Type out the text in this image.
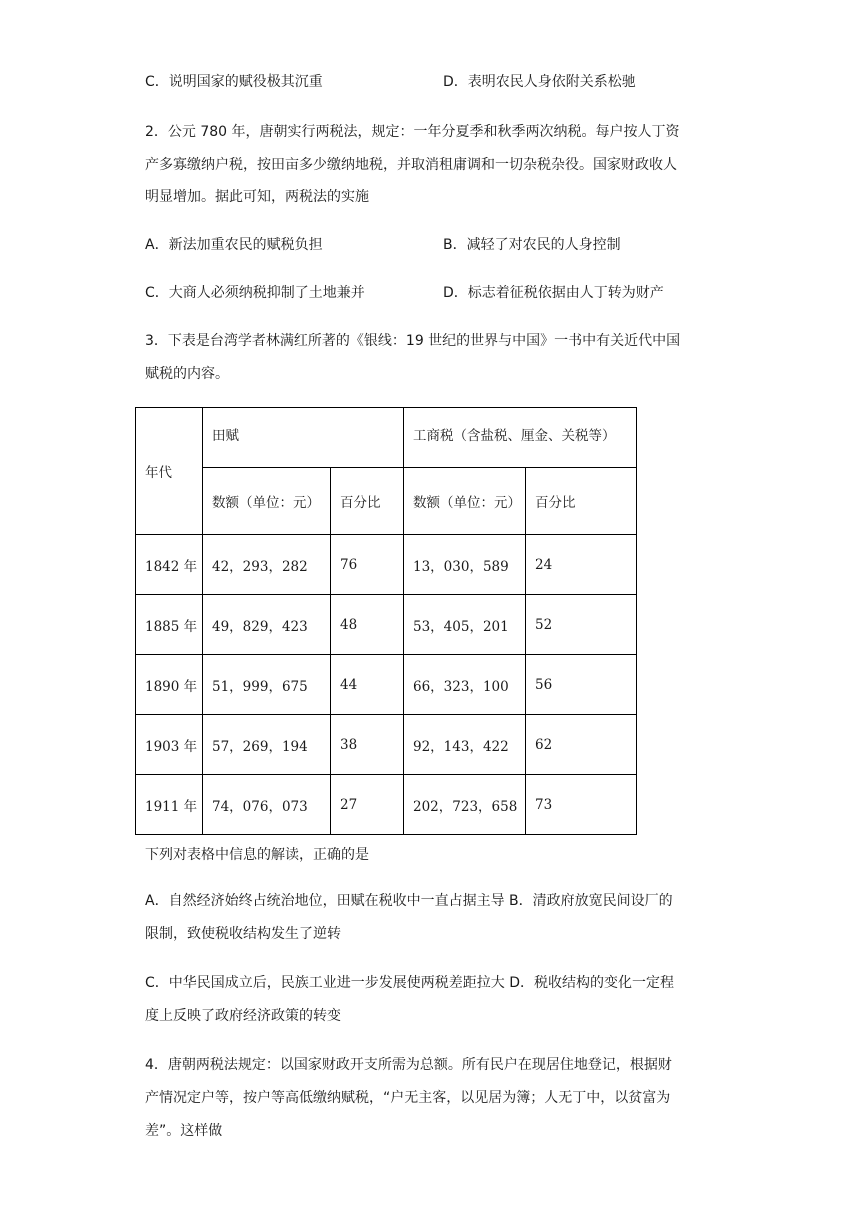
C．说明国家的赋役极其沉重	D．表明农民人身依附关系松驰
2．公元 780 年，唐朝实行两税法，规定：一年分夏季和秋季两次纳税。每户按人丁资
产多寡缴纳户税，按田亩多少缴纳地税，并取消租庸调和一切杂税杂役。国家财政收人
明显增加。据此可知，两税法的实施
A．新法加重农民的赋税负担	B．减轻了对农民的人身控制
C．大商人必须纳税抑制了土地兼并	D．标志着征税依据由人丁转为财产
3．下表是台湾学者林满红所著的《银线：19 世纪的世界与中国》一书中有关近代中国
赋税的内容。
年代	田赋		工商税（含盐税、厘金、关税等）	
	数额（单位：元）	百分比	数额（单位：元）	百分比
1842 年	42，293，282	76	13，030，589	24
1885 年	49，829，423	48	53，405，201	52
1890 年	51，999，675	44	66，323，100	56
1903 年	57，269，194	38	92，143，422	62
1911 年	74，076，073	27	202，723，658	73
下列对表格中信息的解读，正确的是
A．自然经济始终占统治地位，田赋在税收中一直占据主导 B．清政府放宽民间设厂的
限制，致使税收结构发生了逆转
C．中华民国成立后，民族工业进一步发展使两税差距拉大 D．税收结构的变化一定程
度上反映了政府经济政策的转变
4．唐朝两税法规定：以国家财政开支所需为总额。所有民户在现居住地登记，根据财
产情况定户等，按户等高低缴纳赋税，“户无主客，以见居为簿；人无丁中，以贫富为
差”。这样做
